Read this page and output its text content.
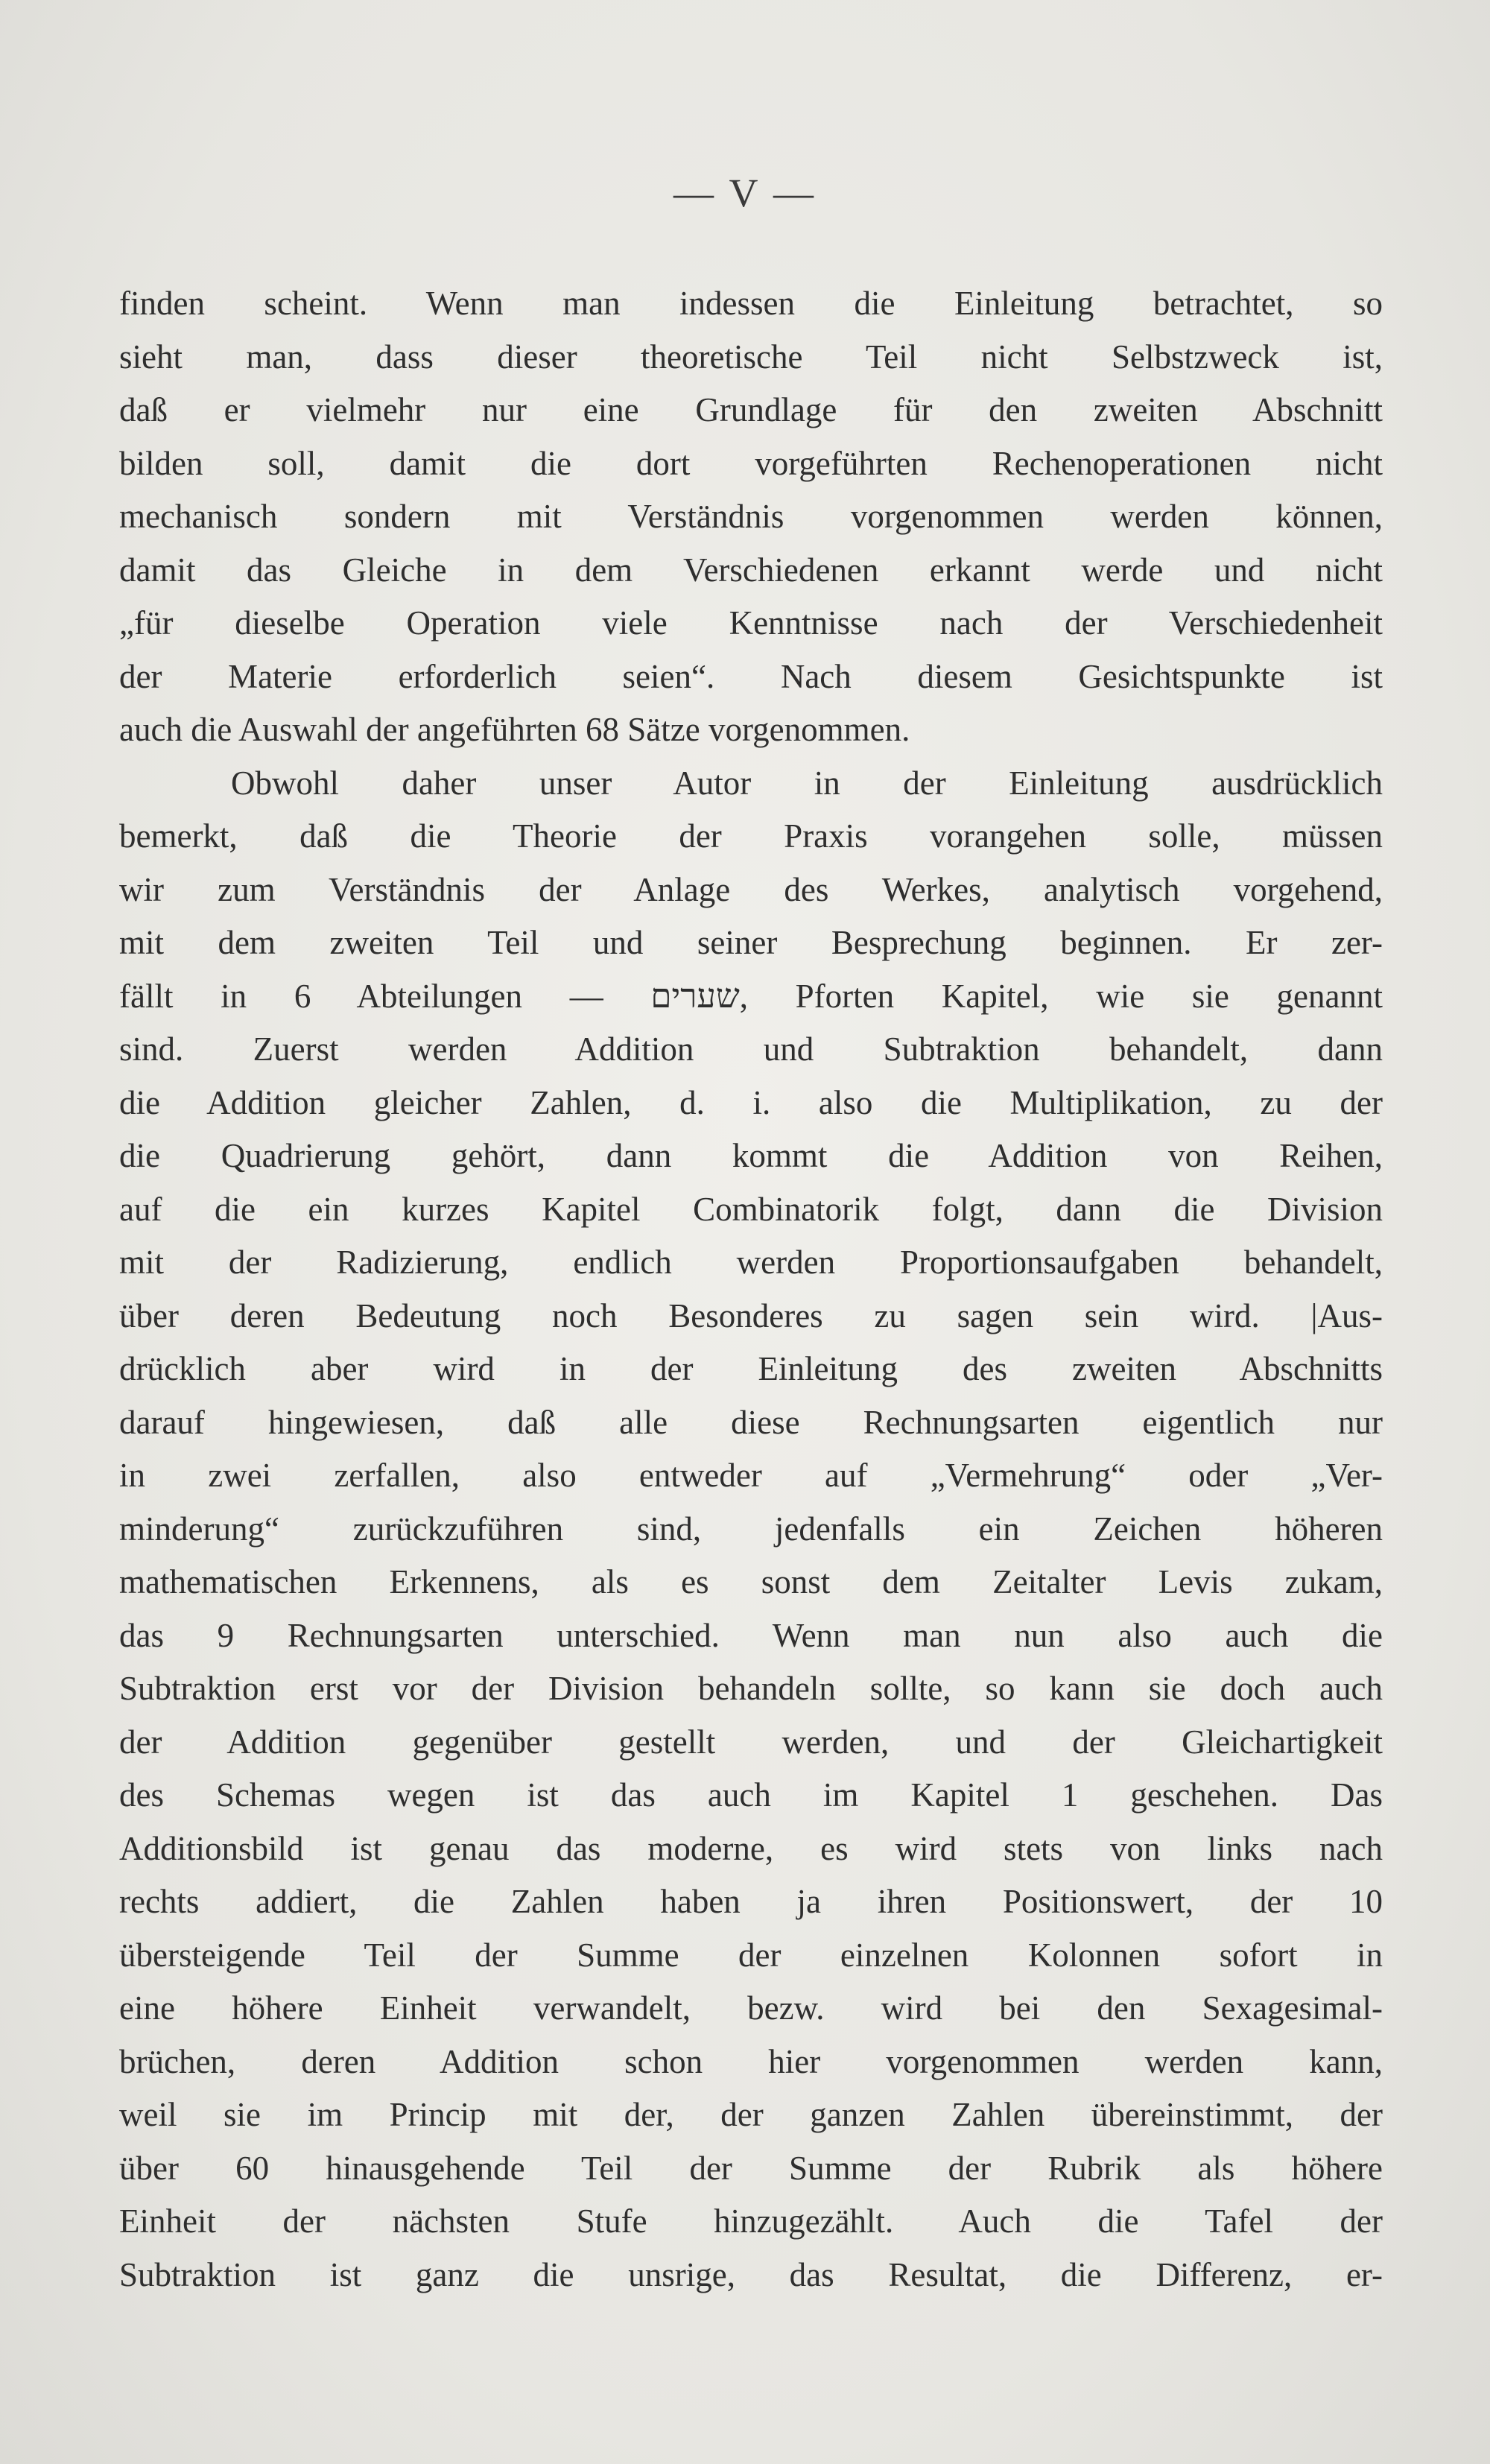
— V —
finden scheint. Wenn man indessen die Einleitung betrachtet, so
sieht man, dass dieser theoretische Teil nicht Selbstzweck ist,
daß er vielmehr nur eine Grundlage für den zweiten Abschnitt
bilden soll, damit die dort vorgeführten Rechenoperationen nicht
mechanisch sondern mit Verständnis vorgenommen werden können,
damit das Gleiche in dem Verschiedenen erkannt werde und nicht
„für dieselbe Operation viele Kenntnisse nach der Verschiedenheit
der Materie erforderlich seien“. Nach diesem Gesichtspunkte ist
auch die Auswahl der angeführten 68 Sätze vorgenommen.
Obwohl daher unser Autor in der Einleitung ausdrücklich
bemerkt, daß die Theorie der Praxis vorangehen solle, müssen
wir zum Verständnis der Anlage des Werkes, analytisch vorgehend,
mit dem zweiten Teil und seiner Besprechung beginnen. Er zer-
fällt in 6 Abteilungen — שערים, Pforten Kapitel, wie sie genannt
sind. Zuerst werden Addition und Subtraktion behandelt, dann
die Addition gleicher Zahlen, d. i. also die Multiplikation, zu der
die Quadrierung gehört, dann kommt die Addition von Reihen,
auf die ein kurzes Kapitel Combinatorik folgt, dann die Division
mit der Radizierung, endlich werden Proportionsaufgaben behandelt,
über deren Bedeutung noch Besonderes zu sagen sein wird. |Aus-
drücklich aber wird in der Einleitung des zweiten Abschnitts
darauf hingewiesen, daß alle diese Rechnungsarten eigentlich nur
in zwei zerfallen, also entweder auf „Vermehrung“ oder „Ver-
minderung“ zurückzuführen sind, jedenfalls ein Zeichen höheren
mathematischen Erkennens, als es sonst dem Zeitalter Levis zukam,
das 9 Rechnungsarten unterschied. Wenn man nun also auch die
Subtraktion erst vor der Division behandeln sollte, so kann sie doch auch
der Addition gegenüber gestellt werden, und der Gleichartigkeit
des Schemas wegen ist das auch im Kapitel 1 geschehen. Das
Additionsbild ist genau das moderne, es wird stets von links nach
rechts addiert, die Zahlen haben ja ihren Positionswert, der 10
übersteigende Teil der Summe der einzelnen Kolonnen sofort in
eine höhere Einheit verwandelt, bezw. wird bei den Sexagesimal-
brüchen, deren Addition schon hier vorgenommen werden kann,
weil sie im Princip mit der, der ganzen Zahlen übereinstimmt, der
über 60 hinausgehende Teil der Summe der Rubrik als höhere
Einheit der nächsten Stufe hinzugezählt. Auch die Tafel der
Subtraktion ist ganz die unsrige, das Resultat, die Differenz, er-
